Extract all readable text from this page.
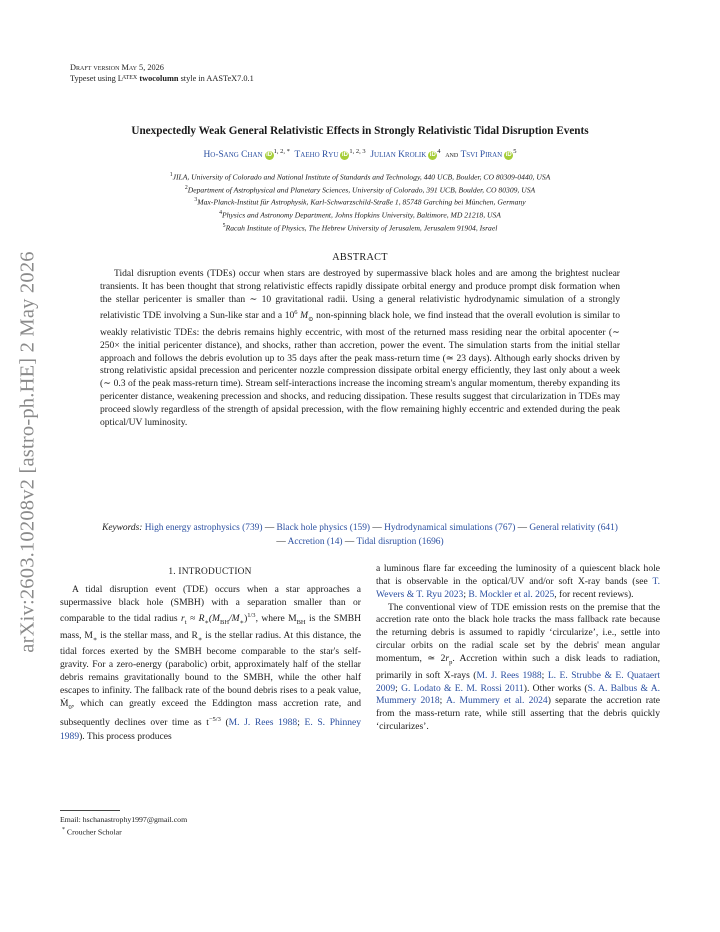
arXiv:2603.10208v2 [astro-ph.HE] 2 May 2026
Draft version May 5, 2026
Typeset using $L^{ATEX}$ twocolumn style in AASTeX7.0.1
Unexpectedly Weak General Relativistic Effects in Strongly Relativistic Tidal Disruption Events
Ho-Sang Chan $iD^{1, 2, *}$ Taeho Ryu iD$^{1, 2, 3}$ Julian Krolik $iD^4$ and Tsvi Piran $iD^5$
$^1$JILA, University of Colorado and National Institute of Standards and Technology, 440 UCB, Boulder, CO 80309-0440, USA
$^2$Department of Astrophysical and Planetary Sciences, University of Colorado, 391 UCB, Boulder, CO 80309, USA
$^3$Max-Planck-Institut für Astrophysik, Karl-Schwarzschild-Straße 1, 85748 Garching bei München, Germany
$^4$Physics and Astronomy Department, Johns Hopkins University, Baltimore, MD 21218, USA
$^5$Racah Institute of Physics, The Hebrew University of Jerusalem, Jerusalem 91904, Israel
ABSTRACT
Tidal disruption events (TDEs) occur when stars are destroyed by supermassive black holes and are among the brightest nuclear transients. It has been thought that strong relativistic effects rapidly dissipate orbital energy and produce prompt disk formation when the stellar pericenter is smaller than ∼ 10 gravitational radii. Using a general relativistic hydrodynamic simulation of a strongly relativistic TDE involving a Sun-like star and a $10^6$ $M_⊙$ non-spinning black hole, we find instead that the overall evolution is similar to weakly relativistic TDEs: the debris remains highly eccentric, with most of the returned mass residing near the orbital apocenter (∼ 250× the initial pericenter distance), and shocks, rather than accretion, power the event. The simulation starts from the initial stellar approach and follows the debris evolution up to 35 days after the peak mass-return time (≃ 23 days). Although early shocks driven by strong relativistic apsidal precession and pericenter nozzle compression dissipate orbital energy efficiently, they last only about a week (∼ 0.3 of the peak mass-return time). Stream self-interactions increase the incoming stream's angular momentum, thereby expanding its pericenter distance, weakening precession and shocks, and reducing dissipation. These results suggest that circularization in TDEs may proceed slowly regardless of the strength of apsidal precession, with the flow remaining highly eccentric and extended during the peak optical/UV luminosity.
Keywords: High energy astrophysics (739) — Black hole physics (159) — Hydrodynamical simulations (767) — General relativity (641) — Accretion (14) — Tidal disruption (1696)
1. INTRODUCTION
A tidal disruption event (TDE) occurs when a star approaches a supermassive black hole (SMBH) with a separation smaller than or comparable to the tidal radius $r_t \approx R_∗(M_{BH}/M_∗)^{1/3}$, where $M_{BH}$ is the SMBH mass, $M_∗$ is the stellar mass, and $R_∗$ is the stellar radius. At this distance, the tidal forces exerted by the SMBH become comparable to the star's self-gravity. For a zero-energy (parabolic) orbit, approximately half of the stellar debris remains gravitationally bound to the SMBH, while the other half escapes to infinity. The fallback rate of the bound debris rises to a peak value, Ṁ$_0$, which can greatly exceed the Eddington mass accretion rate, and subsequently declines over time as $t^{-5/3}$ (M. J. Rees 1988; E. S. Phinney 1989). This process produces

a luminous flare far exceeding the luminosity of a quiescent black hole that is observable in the optical/UV and/or soft X-ray bands (see T. Wevers & T. Ryu 2023; B. Mockler et al. 2025, for recent reviews).

The conventional view of TDE emission rests on the premise that the accretion rate onto the black hole tracks the mass fallback rate because the returning debris is assumed to rapidly ‘circularize’, i.e., settle into circular orbits on the radial scale set by the debris' mean angular momentum, ≃ $2r_p$. Accretion within such a disk leads to radiation, primarily in soft X-rays (M. J. Rees 1988; L. E. Strubbe & E. Quataert 2009; G. Lodato & E. M. Rossi 2011). Other works (S. A. Balbus & A. Mummery 2018; A. Mummery et al. 2024) separate the accretion rate from the mass-return rate, while still asserting that the debris quickly ‘circularizes’.

Email: hschanastrophy1997@gmail.com
* Croucher Scholar
